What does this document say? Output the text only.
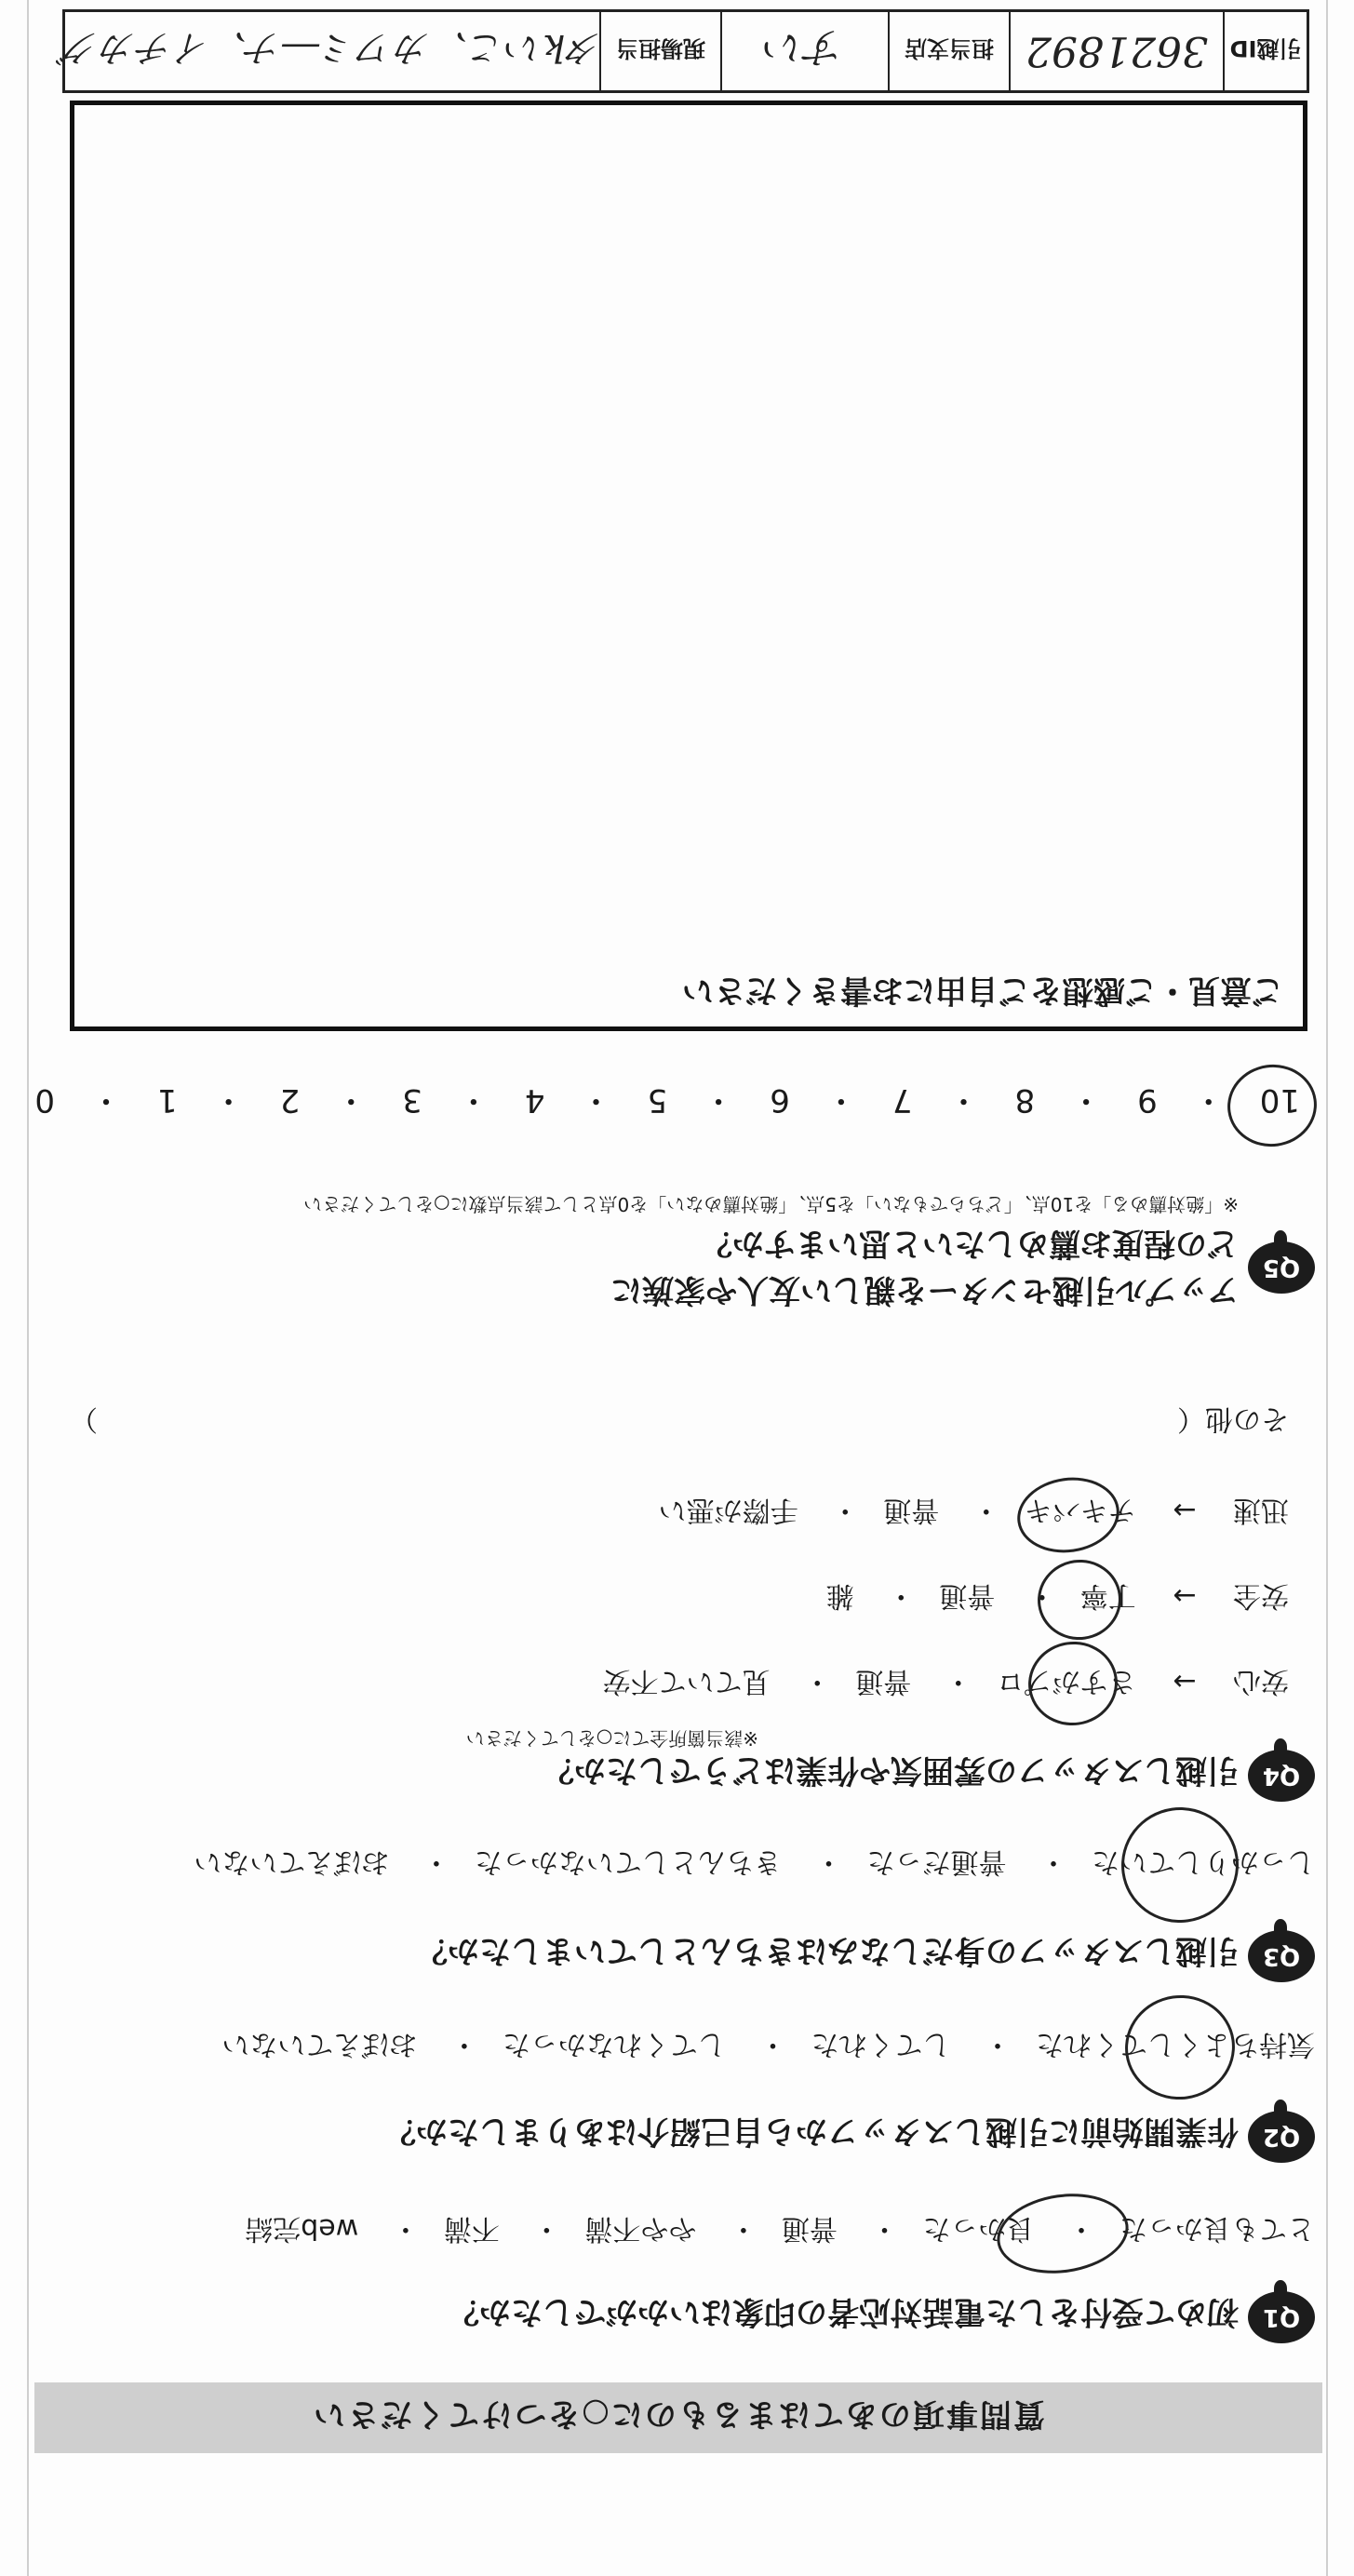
質問事項のあてはまるものに○をつけてください
Q1
初めて受付をした電話対応者の印象はいかがでしたか？
とても良かった・ 良かった・ 普通・ やや不満・ 不満・ web完結
Q2
作業開始前に引越しスタッフから自己紹介はありましたか？
気持ちよくしてくれた・ してくれた・ してくれなかった・ おぼえていない
Q3
引越しスタッフの身だしなみはきちんとしていましたか？
しっかりしていた・ 普通だった・ きちんとしていなかった・ おぼえていない
Q4
引越しスタッフの雰囲気や作業はどうでしたか？
※該当箇所全てに○をしてください
安心 → さすがプロ・ 普通・ 見ていて不安
安全 → 丁寧・ 普通・ 雑
迅速 → テキパキ・ 普通・ 手際が悪い
その他（
）
Q5
アップル引越センターを親しい友人や家族に
どの程度お薦めしたいと思いますか？
※「絶対薦める」を10点、「どちらでもない」を5点、「絶対薦めない」を0点として該当点数に○をしてください
10・9・8・7・6・5・4・3・2・1・0
ご意見・ご感想をご自由にお書きください
引越ID
3621892
担当支店
すい
現場担当
タkいこ、カワミ―ナ、イチカグ
